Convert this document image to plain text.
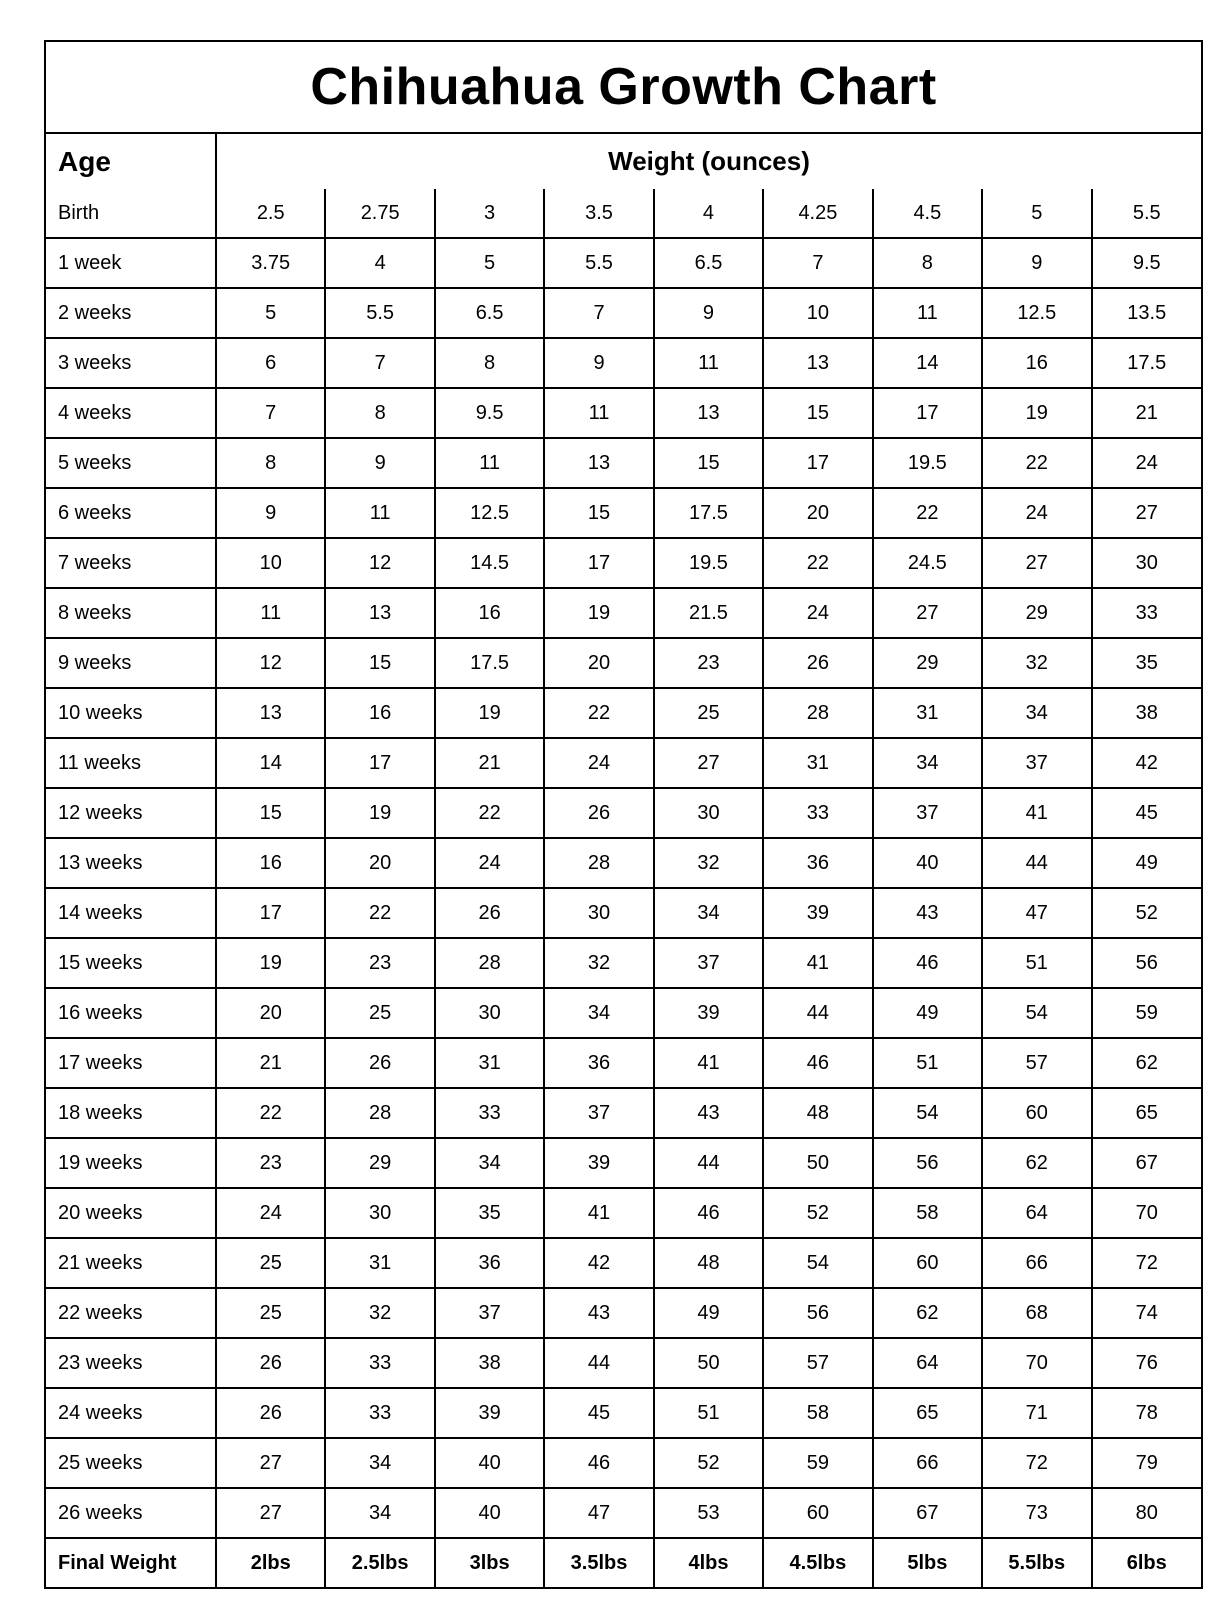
Chihuahua Growth Chart
Age	Weight (ounces)								
Birth	2.5	2.75	3	3.5	4	4.25	4.5	5	5.5
1 week	3.75	4	5	5.5	6.5	7	8	9	9.5
2 weeks	5	5.5	6.5	7	9	10	11	12.5	13.5
3 weeks	6	7	8	9	11	13	14	16	17.5
4 weeks	7	8	9.5	11	13	15	17	19	21
5 weeks	8	9	11	13	15	17	19.5	22	24
6 weeks	9	11	12.5	15	17.5	20	22	24	27
7 weeks	10	12	14.5	17	19.5	22	24.5	27	30
8 weeks	11	13	16	19	21.5	24	27	29	33
9 weeks	12	15	17.5	20	23	26	29	32	35
10 weeks	13	16	19	22	25	28	31	34	38
11 weeks	14	17	21	24	27	31	34	37	42
12 weeks	15	19	22	26	30	33	37	41	45
13 weeks	16	20	24	28	32	36	40	44	49
14 weeks	17	22	26	30	34	39	43	47	52
15 weeks	19	23	28	32	37	41	46	51	56
16 weeks	20	25	30	34	39	44	49	54	59
17 weeks	21	26	31	36	41	46	51	57	62
18 weeks	22	28	33	37	43	48	54	60	65
19 weeks	23	29	34	39	44	50	56	62	67
20 weeks	24	30	35	41	46	52	58	64	70
21 weeks	25	31	36	42	48	54	60	66	72
22 weeks	25	32	37	43	49	56	62	68	74
23 weeks	26	33	38	44	50	57	64	70	76
24 weeks	26	33	39	45	51	58	65	71	78
25 weeks	27	34	40	46	52	59	66	72	79
26 weeks	27	34	40	47	53	60	67	73	80
Final Weight	2lbs	2.5lbs	3lbs	3.5lbs	4lbs	4.5lbs	5lbs	5.5lbs	6lbs
